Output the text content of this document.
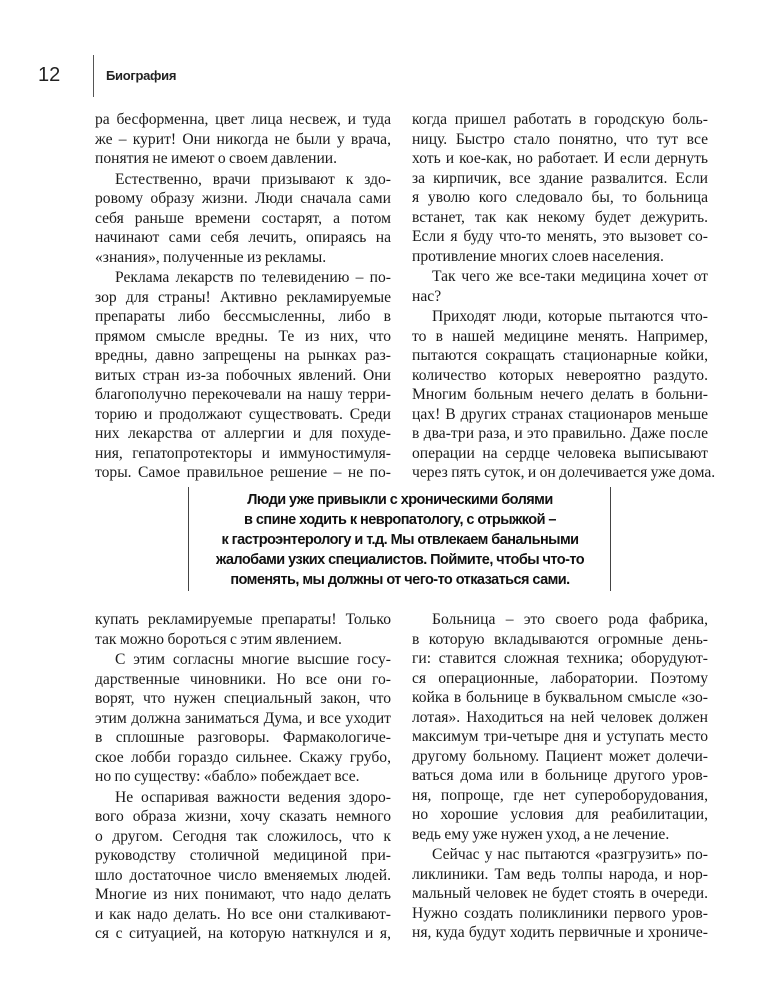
12	Биография
ра бесформенна, цвет лица несвеж, и туда
же – курит! Они никогда не были у врача,
понятия не имеют о своем давлении.
Естественно, врачи призывают к здо-
ровому образу жизни. Люди сначала сами
себя раньше времени состарят, а потом
начинают сами себя лечить, опираясь на
«знания», полученные из рекламы.
Реклама лекарств по телевидению – по-
зор для страны! Активно рекламируемые
препараты либо бессмысленны, либо в
прямом смысле вредны. Те из них, что
вредны, давно запрещены на рынках раз-
витых стран из-за побочных явлений. Они
благополучно перекочевали на нашу терри-
торию и продолжают существовать. Среди
них лекарства от аллергии и для похуде-
ния, гепатопротекторы и иммуностимуля-
торы. Самое правильное решение – не по-
когда пришел работать в городскую боль-
ницу. Быстро стало понятно, что тут все
хоть и кое-как, но работает. И если дернуть
за кирпичик, все здание развалится. Если
я уволю кого следовало бы, то больница
встанет, так как некому будет дежурить.
Если я буду что-то менять, это вызовет со-
противление многих слоев населения.
Так чего же все-таки медицина хочет от
нас?
Приходят люди, которые пытаются что-
то в нашей медицине менять. Например,
пытаются сокращать стационарные койки,
количество которых невероятно раздуто.
Многим больным нечего делать в больни-
цах! В других странах стационаров меньше
в два-три раза, и это правильно. Даже после
операции на сердце человека выписывают
через пять суток, и он долечивается уже дома.
Люди уже привыкли с хроническими болями
в спине ходить к невропатологу, с отрыжкой –
к гастроэнтерологу и т.д. Мы отвлекаем банальными
жалобами узких специалистов. Поймите, чтобы что-то
поменять, мы должны от чего-то отказаться сами.
купать рекламируемые препараты! Только
так можно бороться с этим явлением.
С этим согласны многие высшие госу-
дарственные чиновники. Но все они го-
ворят, что нужен специальный закон, что
этим должна заниматься Дума, и все уходит
в сплошные разговоры. Фармакологиче-
ское лобби гораздо сильнее. Скажу грубо,
но по существу: «бабло» побеждает все.
Не оспаривая важности ведения здоро-
вого образа жизни, хочу сказать немного
о другом. Сегодня так сложилось, что к
руководству столичной медициной при-
шло достаточное число вменяемых людей.
Многие из них понимают, что надо делать
и как надо делать. Но все они сталкивают-
ся с ситуацией, на которую наткнулся и я,
Больница – это своего рода фабрика,
в которую вкладываются огромные день-
ги: ставится сложная техника; оборудуют-
ся операционные, лаборатории. Поэтому
койка в больнице в буквальном смысле «зо-
лотая». Находиться на ней человек должен
максимум три-четыре дня и уступать место
другому больному. Пациент может долечи-
ваться дома или в больнице другого уров-
ня, попроще, где нет супероборудования,
но хорошие условия для реабилитации,
ведь ему уже нужен уход, а не лечение.
Сейчас у нас пытаются «разгрузить» по-
ликлиники. Там ведь толпы народа, и нор-
мальный человек не будет стоять в очереди.
Нужно создать поликлиники первого уров-
ня, куда будут ходить первичные и хрониче-
